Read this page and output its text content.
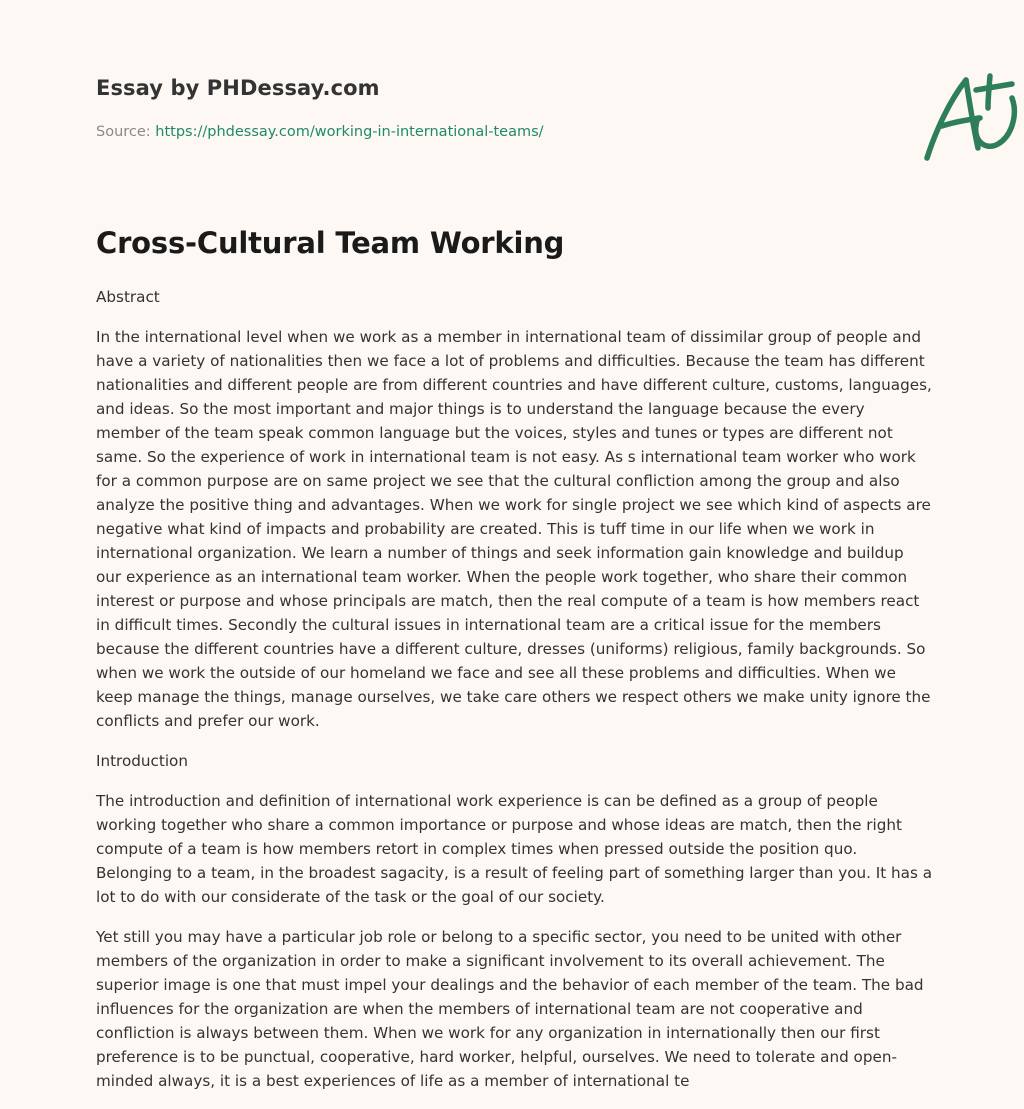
Essay by PHDessay.com
Source: https://phdessay.com/working-in-international-teams/
Cross-Cultural Team Working

Abstract

In the international level when we work as a member in international team of dissimilar group of people and have a variety of nationalities then we face a lot of problems and difficulties. Because the team has different nationalities and different people are from different countries and have different culture, customs, languages, and ideas. So the most important and major things is to understand the language because the every member of the team speak common language but the voices, styles and tunes or types are different not same. So the experience of work in international team is not easy. As s international team worker who work for a common purpose are on same project we see that the cultural confliction among the group and also analyze the positive thing and advantages. When we work for single project we see which kind of aspects are negative what kind of impacts and probability are created. This is tuff time in our life when we work in international organization. We learn a number of things and seek information gain knowledge and buildup our experience as an international team worker. When the people work together, who share their common interest or purpose and whose principals are match, then the real compute of a team is how members react in difficult times. Secondly the cultural issues in international team are a critical issue for the members because the different countries have a different culture, dresses (uniforms) religious, family backgrounds. So when we work the outside of our homeland we face and see all these problems and difficulties. When we keep manage the things, manage ourselves, we take care others we respect others we make unity ignore the conflicts and prefer our work.

Introduction

The introduction and definition of international work experience is can be defined as a group of people working together who share a common importance or purpose and whose ideas are match, then the right compute of a team is how members retort in complex times when pressed outside the position quo. Belonging to a team, in the broadest sagacity, is a result of feeling part of something larger than you. It has a lot to do with our considerate of the task or the goal of our society.

Yet still you may have a particular job role or belong to a specific sector, you need to be united with other members of the organization in order to make a significant involvement to its overall achievement. The superior image is one that must impel your dealings and the behavior of each member of the team. The bad influences for the organization are when the members of international team are not cooperative and confliction is always between them. When we work for any organization in internationally then our first preference is to be punctual, cooperative, hard worker, helpful, ourselves. We need to tolerate and open-minded always, it is a best experiences of life as a member of international te
